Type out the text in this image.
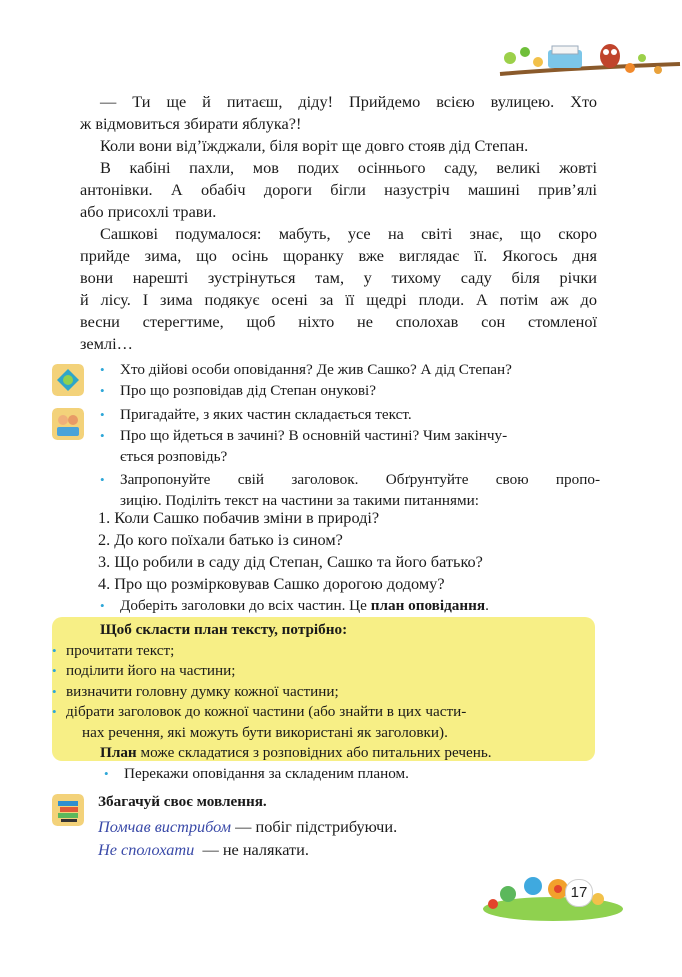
— Ти ще й питаєш, діду! Прийдемо всією вулицею. Хто

ж відмовиться збирати яблука?!

Коли вони від’їжджали, біля воріт ще довго стояв дід Степан.

В кабіні пахли, мов подих осіннього саду, великі жовті

антонівки. А обабіч дороги бігли назустріч машині прив’ялі

або присохлі трави.

Сашкові подумалося: мабуть, усе на світі знає, що скоро

прийде зима, що осінь щоранку вже виглядає її. Якогось дня

вони нарешті зустрінуться там, у тихому саду біля річки

й лісу. І зима подякує осені за її щедрі плоди. А потім аж до

весни стерегтиме, щоб ніхто не сполохав сон стомленої

землі…

• Хто дійові особи оповідання? Де жив Сашко? А дід Степан?
• Про що розповідав дід Степан онукові?
• Пригадайте, з яких частин складається текст.
• Про що йдеться в зачині? В основній частині? Чим закінчу-
ється розповідь?
• Запропонуйте свій заголовок. Обґрунтуйте свою пропо-
зицію. Поділіть текст на частини за такими питаннями:
1. Коли Сашко побачив зміни в природі?
2. До кого поїхали батько із сином?
3. Що робили в саду дід Степан, Сашко та його батько?
4. Про що розмірковував Сашко дорогою додому?
• Доберіть заголовки до всіх частин. Це план оповідання.
Щоб скласти план тексту, потрібно:
• прочитати текст;
• поділити його на частини;
• визначити головну думку кожної частини;
• дібрати заголовок до кожної частини (або знайти в цих части-
нах речення, які можуть бути використані як заголовки).
План може складатися з розповідних або питальних речень.
• Перекажи оповідання за складеним планом.
Збагачуй своє мовлення.
Помчав вистрибом — побіг підстрибуючи.
Не сполохати  — не налякати.
17
